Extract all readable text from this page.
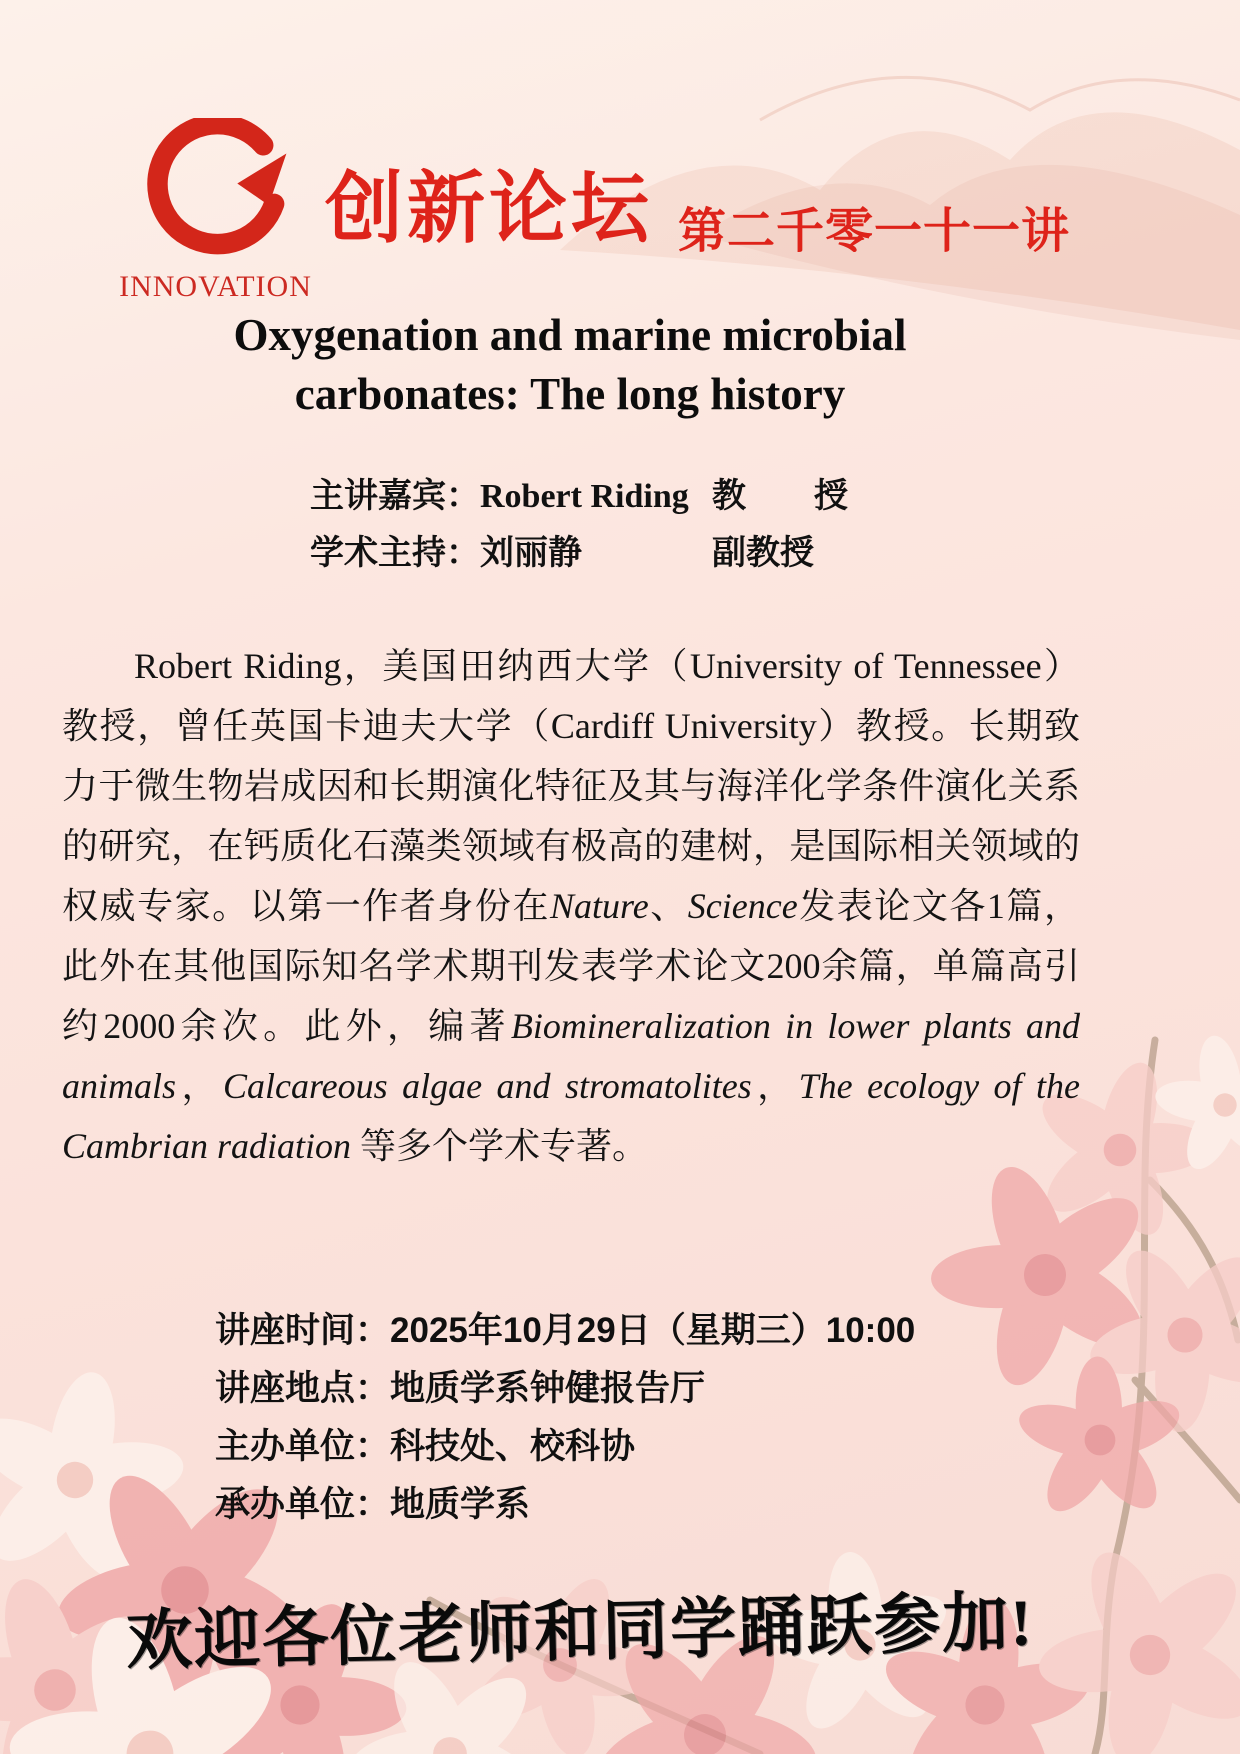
INNOVATION
创新论坛 第二千零一十一讲
Oxygenation and marine microbial
carbonates: The long history
主讲嘉宾：Robert Riding 教　　授
学术主持：刘丽静	副教授
Robert Riding，美国田纳西大学（University of Tennessee）教授，曾任英国卡迪夫大学（Cardiff University）教授。长期致力于微生物岩成因和长期演化特征及其与海洋化学条件演化关系的研究，在钙质化石藻类领域有极高的建树，是国际相关领域的权威专家。以第一作者身份在Nature、Science发表论文各1篇，此外在其他国际知名学术期刊发表学术论文200余篇，单篇高引约2000余次。此外，编著Biomineralization in lower plants and animals，Calcareous algae and stromatolites，The ecology of the Cambrian radiation 等多个学术专著。
讲座时间：2025年10月29日（星期三）10:00
讲座地点：地质学系钟健报告厅
主办单位：科技处、校科协
承办单位：地质学系
欢迎各位老师和同学踊跃参加!
